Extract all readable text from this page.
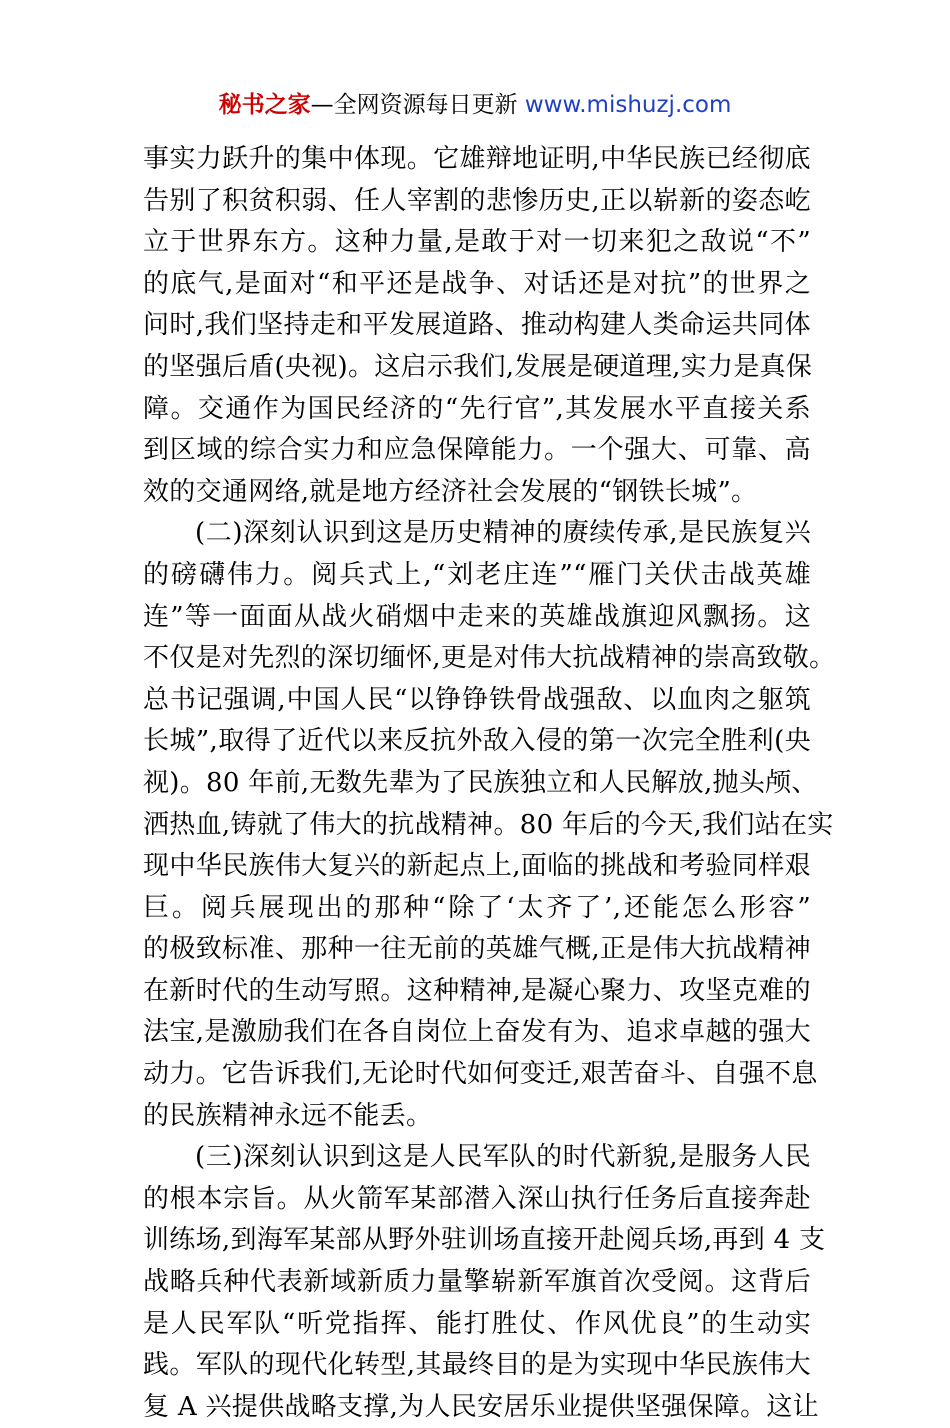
秘书之家—全网资源每日更新 www.mishuzj.com
事实力跃升的集中体现。它雄辩地证明,中华民族已经彻底
告别了积贫积弱、任人宰割的悲惨历史,正以崭新的姿态屹
立于世界东方。这种力量,是敢于对一切来犯之敌说“不”
的底气,是面对“和平还是战争、对话还是对抗”的世界之
问时,我们坚持走和平发展道路、推动构建人类命运共同体
的坚强后盾(央视)。这启示我们,发展是硬道理,实力是真保
障。交通作为国民经济的“先行官”,其发展水平直接关系
到区域的综合实力和应急保障能力。一个强大、可靠、高
效的交通网络,就是地方经济社会发展的“钢铁长城”。
(二)深刻认识到这是历史精神的赓续传承,是民族复兴
的磅礴伟力。阅兵式上,“刘老庄连”“雁门关伏击战英雄
连”等一面面从战火硝烟中走来的英雄战旗迎风飘扬。这
不仅是对先烈的深切缅怀,更是对伟大抗战精神的崇高致敬。
总书记强调,中国人民“以铮铮铁骨战强敌、以血肉之躯筑
长城”,取得了近代以来反抗外敌入侵的第一次完全胜利(央
视)。80 年前,无数先辈为了民族独立和人民解放,抛头颅、
洒热血,铸就了伟大的抗战精神。80 年后的今天,我们站在实
现中华民族伟大复兴的新起点上,面临的挑战和考验同样艰
巨。阅兵展现出的那种“除了‘太齐了’,还能怎么形容”
的极致标准、那种一往无前的英雄气概,正是伟大抗战精神
在新时代的生动写照。这种精神,是凝心聚力、攻坚克难的
法宝,是激励我们在各自岗位上奋发有为、追求卓越的强大
动力。它告诉我们,无论时代如何变迁,艰苦奋斗、自强不息
的民族精神永远不能丢。
(三)深刻认识到这是人民军队的时代新貌,是服务人民
的根本宗旨。从火箭军某部潜入深山执行任务后直接奔赴
训练场,到海军某部从野外驻训场直接开赴阅兵场,再到 4 支
战略兵种代表新域新质力量擎崭新军旗首次受阅。这背后
是人民军队“听党指挥、能打胜仗、作风优良”的生动实
践。军队的现代化转型,其最终目的是为实现中华民族伟大
复 A 兴提供战略支撑,为人民安居乐业提供坚强保障。这让
